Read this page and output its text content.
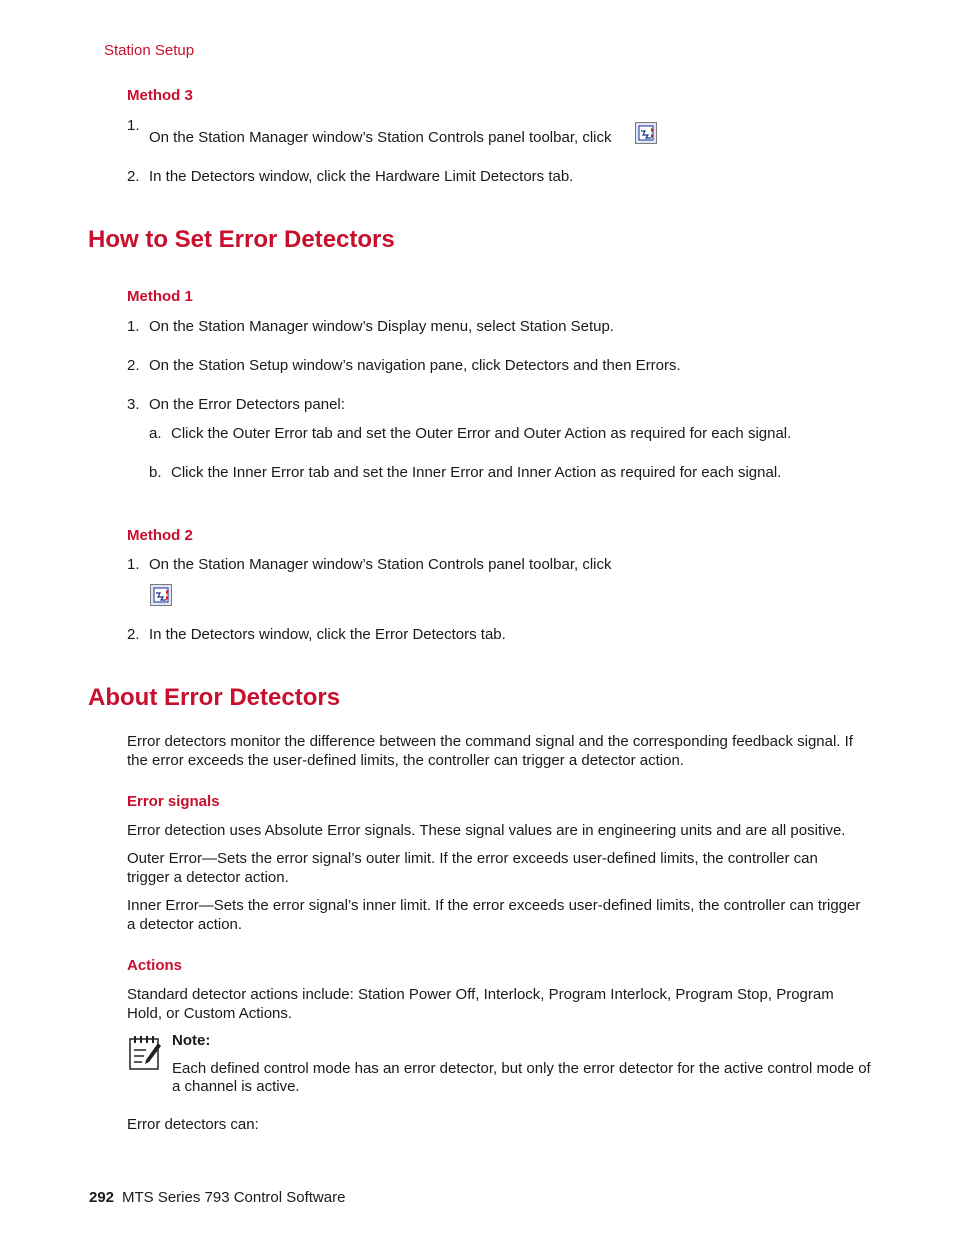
Station Setup
Method 3
1.
On the Station Manager window’s Station Controls panel toolbar, click
2. In the Detectors window, click the Hardware Limit Detectors tab.
How to Set Error Detectors
Method 1
1. On the Station Manager window’s Display menu, select Station Setup.
2. On the Station Setup window’s navigation pane, click Detectors and then Errors.
3. On the Error Detectors panel:
a. Click the Outer Error tab and set the Outer Error and Outer Action as required for each signal.
b. Click the Inner Error tab and set the Inner Error and Inner Action as required for each signal.
Method 2
1. On the Station Manager window’s Station Controls panel toolbar, click
2. In the Detectors window, click the Error Detectors tab.
About Error Detectors
Error detectors monitor the difference between the command signal and the corresponding feedback signal. If the error exceeds the user-defined limits, the controller can trigger a detector action.
Error signals
Error detection uses Absolute Error signals. These signal values are in engineering units and are all positive.
Outer Error—Sets the error signal’s outer limit. If the error exceeds user-defined limits, the controller can trigger a detector action.
Inner Error—Sets the error signal’s inner limit. If the error exceeds user-defined limits, the controller can trigger a detector action.
Actions
Standard detector actions include: Station Power Off, Interlock, Program Interlock, Program Stop, Program Hold, or Custom Actions.
Note:
Each defined control mode has an error detector, but only the error detector for the active control mode of a channel is active.
Error detectors can:
292 MTS Series 793 Control Software
